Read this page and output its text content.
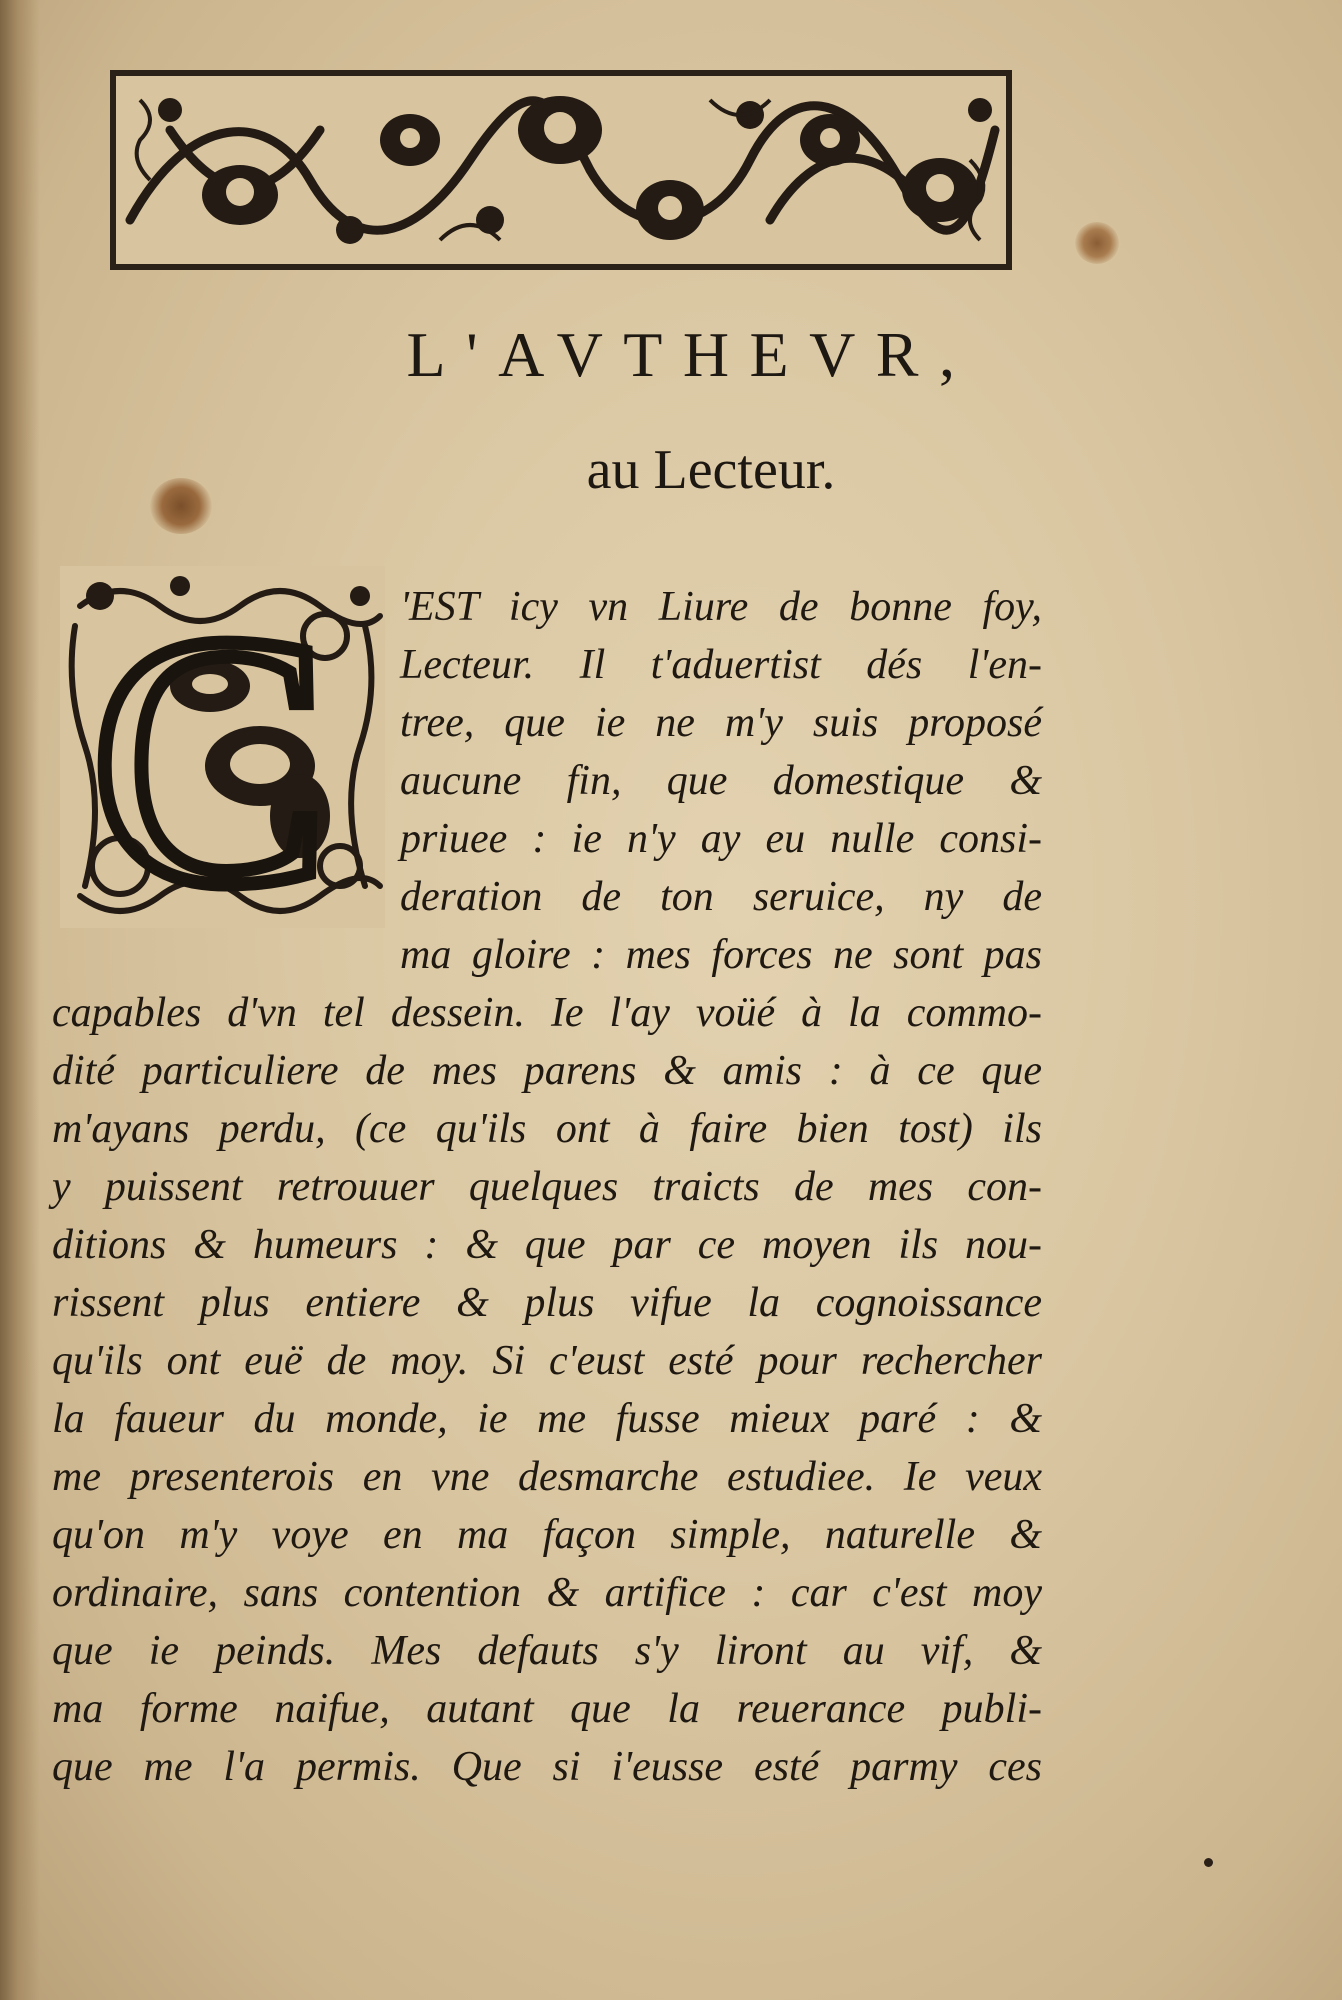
L'AVTHEVR,
au Lecteur.
C 'EST icy vn Liure de bonne foy,

Lecteur. Il t'aduertist dés l'en-

tree, que ie ne m'y suis proposé

aucune fin, que domestique &

priuee : ie n'y ay eu nulle consi-

deration de ton seruice, ny de

ma gloire : mes forces ne sont pas

capables d'vn tel dessein. Ie l'ay voüé à la commo-

dité particuliere de mes parens & amis : à ce que

m'ayans perdu, (ce qu'ils ont à faire bien tost) ils

y puissent retrouuer quelques traicts de mes con-

ditions & humeurs : & que par ce moyen ils nou-

rissent plus entiere & plus vifue la cognoissance

qu'ils ont euë de moy. Si c'eust esté pour rechercher

la faueur du monde, ie me fusse mieux paré : &

me presenterois en vne desmarche estudiee. Ie veux

qu'on m'y voye en ma façon simple, naturelle &

ordinaire, sans contention & artifice : car c'est moy

que ie peinds. Mes defauts s'y liront au vif, &

ma forme naifue, autant que la reuerance publi-

que me l'a permis. Que si i'eusse esté parmy ces
